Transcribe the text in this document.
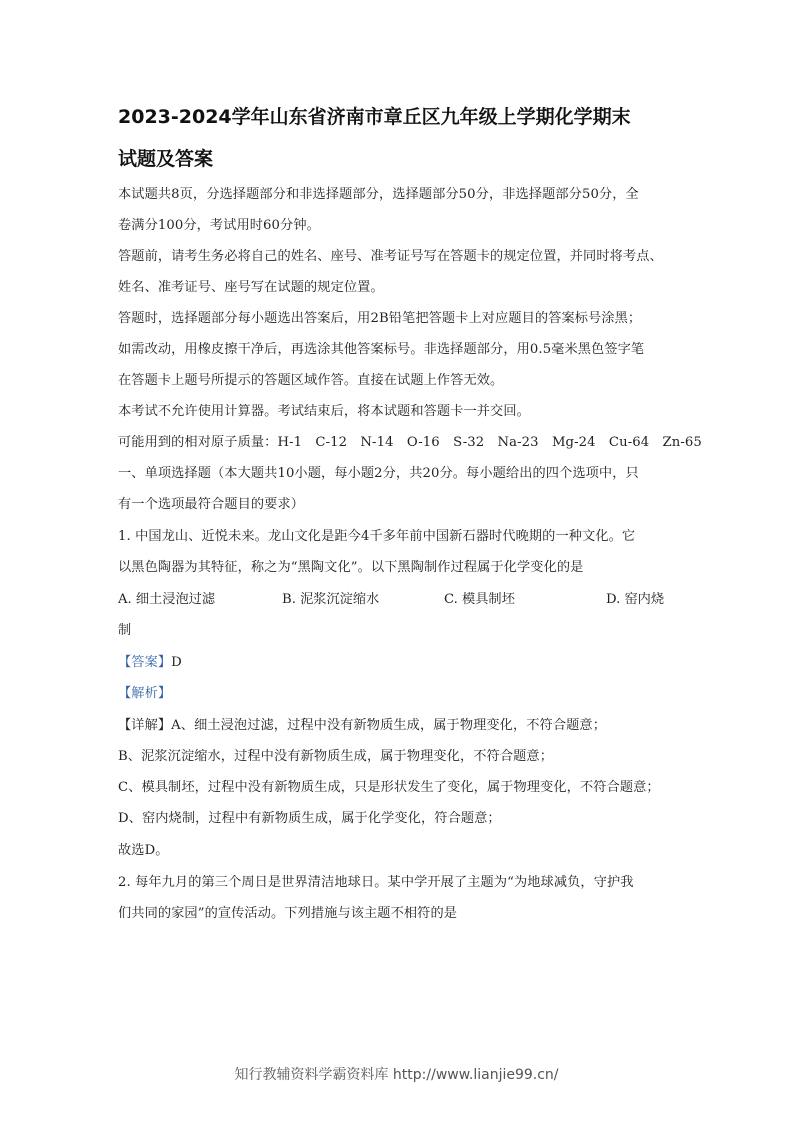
2023-2024学年山东省济南市章丘区九年级上学期化学期末
试题及答案
本试题共8页，分选择题部分和非选择题部分，选择题部分50分，非选择题部分50分，全
卷满分100分，考试用时60分钟。
答题前，请考生务必将自己的姓名、座号、准考证号写在答题卡的规定位置，并同时将考点、
姓名、准考证号、座号写在试题的规定位置。
答题时，选择题部分每小题选出答案后，用2B铅笔把答题卡上对应题目的答案标号涂黑；
如需改动，用橡皮擦干净后，再选涂其他答案标号。非选择题部分，用0.5毫米黑色签字笔
在答题卡上题号所提示的答题区域作答。直接在试题上作答无效。
本考试不允许使用计算器。考试结束后，将本试题和答题卡一并交回。
可能用到的相对原子质量：H-1　C-12　N-14　O-16　S-32　Na-23　Mg-24　Cu-64　Zn-65
一、单项选择题（本大题共10小题，每小题2分，共20分。每小题给出的四个选项中，只
有一个选项最符合题目的要求）
1. 中国龙山、近悦未来。龙山文化是距今4千多年前中国新石器时代晚期的一种文化。它
以黑色陶器为其特征，称之为“黑陶文化”。以下黑陶制作过程属于化学变化的是
A. 细土浸泡过滤	B. 泥浆沉淀缩水	C. 模具制坯	D. 窑内烧
制
【答案】D
【解析】
【详解】A、细土浸泡过滤，过程中没有新物质生成，属于物理变化，不符合题意；
B、泥浆沉淀缩水，过程中没有新物质生成，属于物理变化，不符合题意；
C、模具制坯，过程中没有新物质生成，只是形状发生了变化，属于物理变化，不符合题意；
D、窑内烧制，过程中有新物质生成，属于化学变化，符合题意；
故选D。
2. 每年九月的第三个周日是世界清洁地球日。某中学开展了主题为“为地球减负，守护我
们共同的家园”的宣传活动。下列措施与该主题不相符的是
知行教辅资料学霸资料库 http://www.lianjie99.cn/
